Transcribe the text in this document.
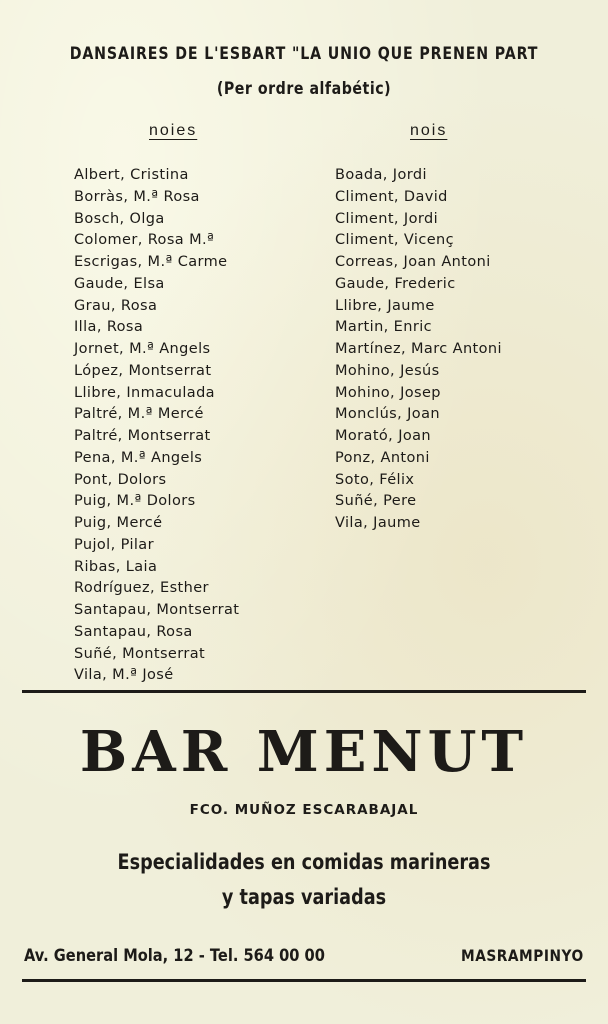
DANSAIRES DE L'ESBART "LA UNIO QUE PRENEN PART
(Per ordre alfabétic)
noies	nois
Albert, Cristina
Borràs, M.ª Rosa
Bosch, Olga
Colomer, Rosa M.ª
Escrigas, M.ª Carme
Gaude, Elsa
Grau, Rosa
Illa, Rosa
Jornet, M.ª Angels
López, Montserrat
Llibre, Inmaculada
Paltré, M.ª Mercé
Paltré, Montserrat
Pena, M.ª Angels
Pont, Dolors
Puig, M.ª Dolors
Puig, Mercé
Pujol, Pilar
Ribas, Laia
Rodríguez, Esther
Santapau, Montserrat
Santapau, Rosa
Suñé, Montserrat
Vila, M.ª José
Boada, Jordi
Climent, David
Climent, Jordi
Climent, Vicenç
Correas, Joan Antoni
Gaude, Frederic
Llibre, Jaume
Martin, Enric
Martínez, Marc Antoni
Mohino, Jesús
Mohino, Josep
Monclús, Joan
Morató, Joan
Ponz, Antoni
Soto, Félix
Suñé, Pere
Vila, Jaume
BAR MENUT
FCO. MUÑOZ ESCARABAJAL
Especialidades en comidas marineras
y tapas variadas
Av. General Mola, 12 - Tel. 564 00 00	MASRAMPINYO
